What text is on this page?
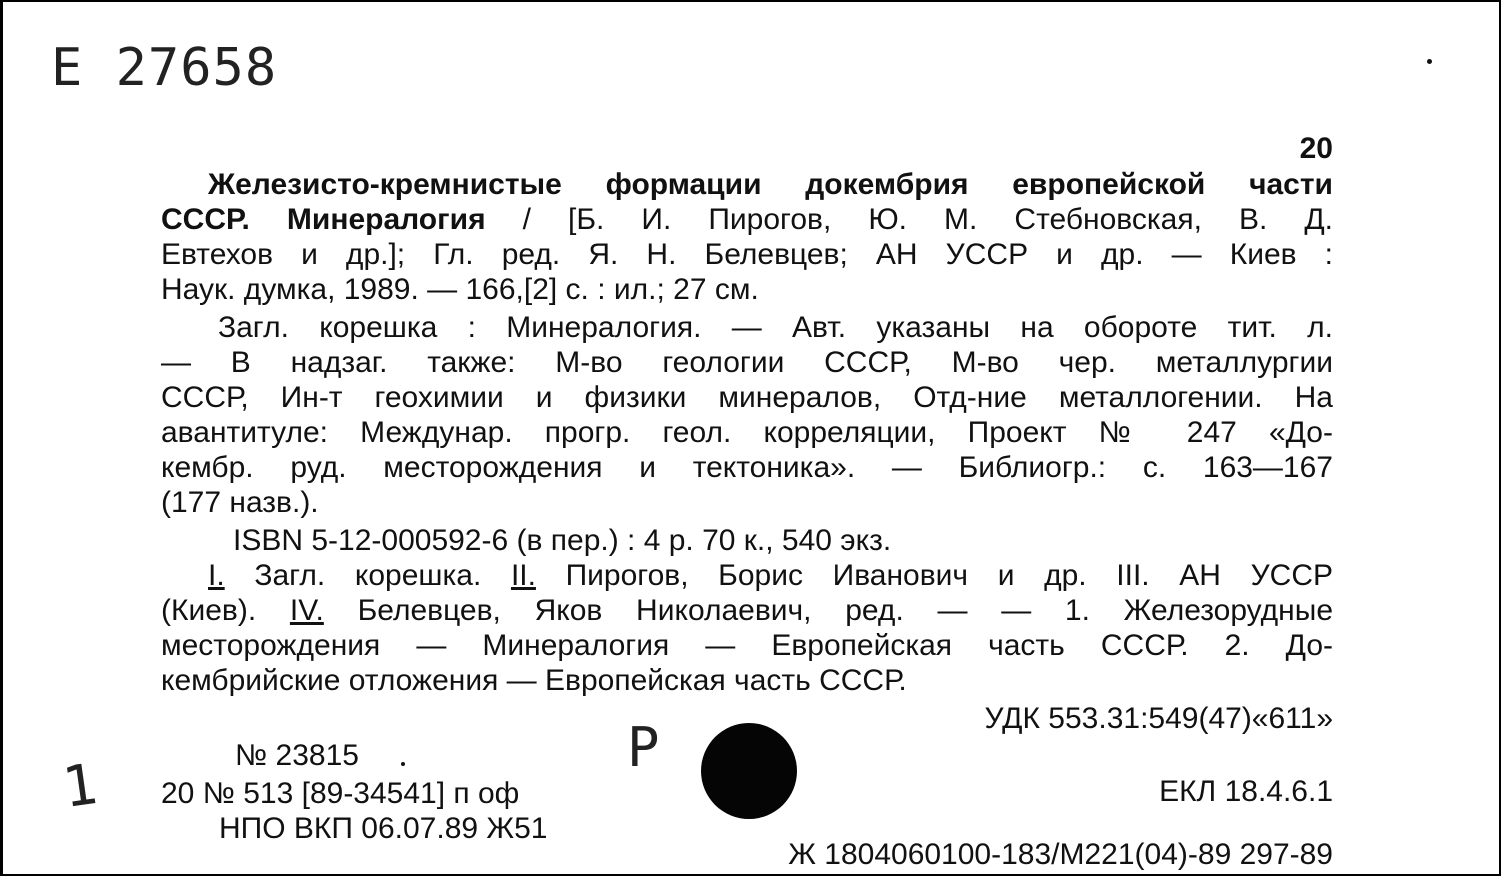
Е 27658
20
Железисто-кремнистые формации докембрия европейской части
СССР. Минералогия / [Б. И. Пирогов, Ю. М. Стебновская, В. Д.
Евтехов и др.]; Гл. ред. Я. Н. Белевцев; АН УССР и др. — Киев :
Наук. думка, 1989. — 166,[2] с. : ил.; 27 см.
Загл. корешка : Минералогия. — Авт. указаны на обороте тит. л.
— В надзаг. также: М-во геологии СССР, М-во чер. металлургии
СССР, Ин-т геохимии и физики минералов, Отд-ние металлогении. На
авантитуле: Междунар. прогр. геол. корреляции, Проект № 247 «До-
кембр. руд. месторождения и тектоника». — Библиогр.: с. 163—167
(177 назв.).
ISBN 5-12-000592-6 (в пер.) : 4 р. 70 к., 540 экз.
I. Загл. корешка. II. Пирогов, Борис Иванович и др. III. АН УССР
(Киев). IV. Белевцев, Яков Николаевич, ред. — — 1. Железорудные
месторождения — Минералогия — Европейская часть СССР. 2. До-
кембрийские отложения — Европейская часть СССР.
УДК 553.31:549(47)«611»
Р
1	№ 23815
20 № 513 [89-34541] п оф
НПО ВКП 06.07.89 Ж51
ЕКЛ 18.4.6.1
Ж 1804060100-183/М221(04)-89 297-89
